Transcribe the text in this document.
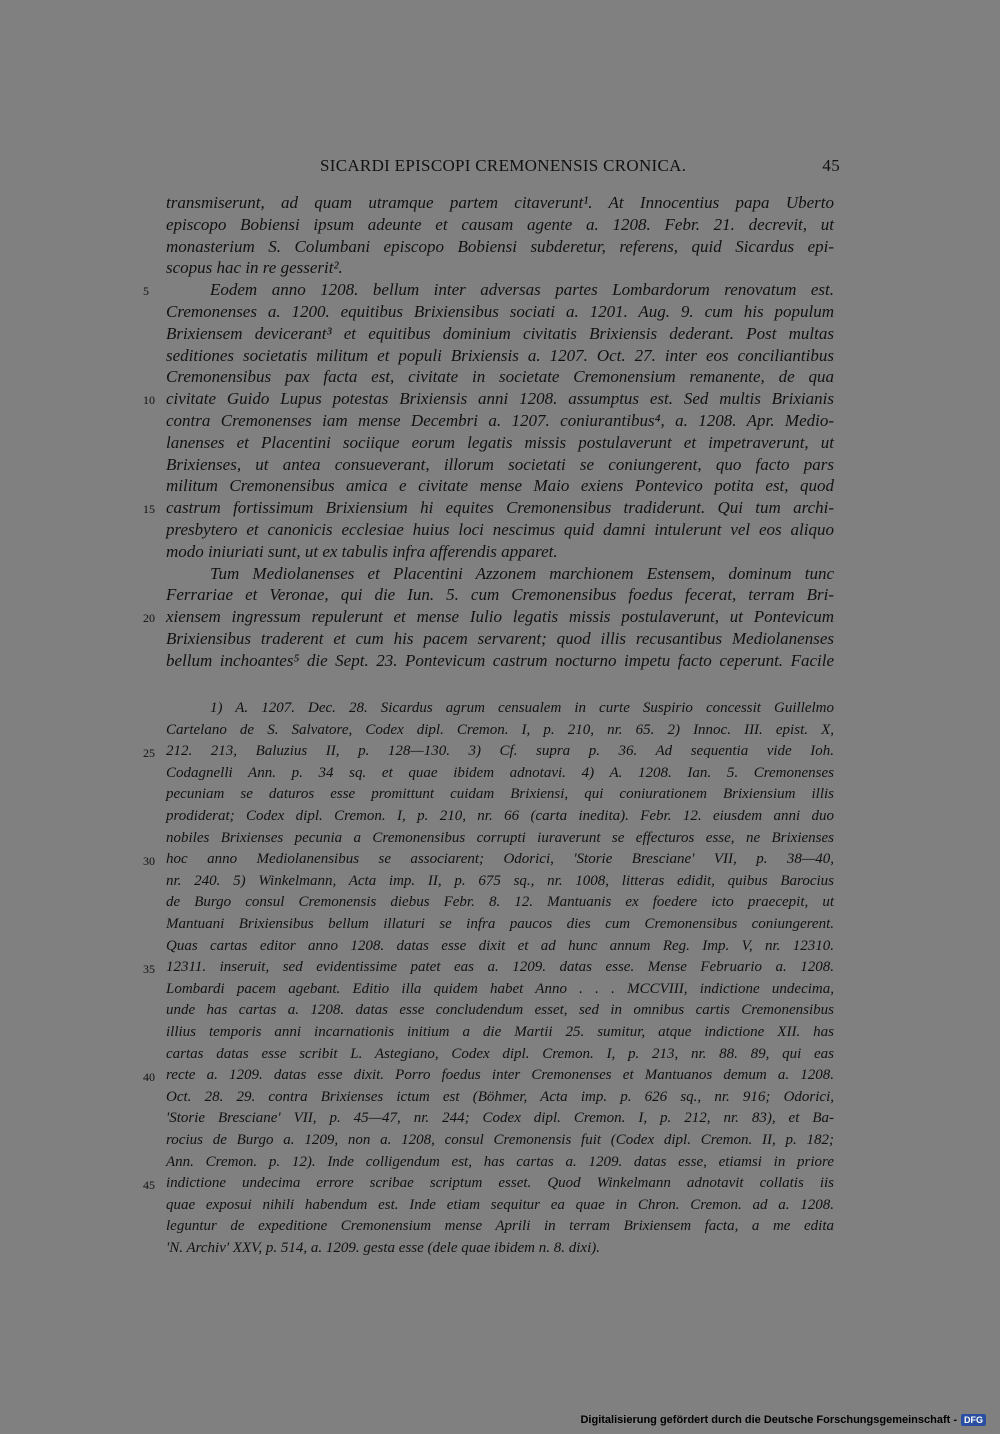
SICARDI EPISCOPI CREMONENSIS CRONICA.	45
transmiserunt, ad quam utramque partem citaverunt¹. At Innocentius papa Uberto
episcopo Bobiensi ipsum adeunte et causam agente a. 1208. Febr. 21. decrevit, ut
monasterium S. Columbani episcopo Bobiensi subderetur, referens, quid Sicardus epi-
scopus hac in re gesserit².
Eodem anno 1208. bellum inter adversas partes Lombardorum renovatum est.
Cremonenses a. 1200. equitibus Brixiensibus sociati a. 1201. Aug. 9. cum his populum
Brixiensem devicerant³ et equitibus dominium civitatis Brixiensis dederant. Post multas
seditiones societatis militum et populi Brixiensis a. 1207. Oct. 27. inter eos conciliantibus
Cremonensibus pax facta est, civitate in societate Cremonensium remanente, de qua
civitate Guido Lupus potestas Brixiensis anni 1208. assumptus est. Sed multis Brixianis
contra Cremonenses iam mense Decembri a. 1207. coniurantibus⁴, a. 1208. Apr. Medio-
lanenses et Placentini sociique eorum legatis missis postulaverunt et impetraverunt, ut
Brixienses, ut antea consueverant, illorum societati se coniungerent, quo facto pars
militum Cremonensibus amica e civitate mense Maio exiens Pontevico potita est, quod
castrum fortissimum Brixiensium hi equites Cremonensibus tradiderunt. Qui tum archi-
presbytero et canonicis ecclesiae huius loci nescimus quid damni intulerunt vel eos aliquo
modo iniuriati sunt, ut ex tabulis infra afferendis apparet.
Tum Mediolanenses et Placentini Azzonem marchionem Estensem, dominum tunc
Ferrariae et Veronae, qui die Iun. 5. cum Cremonensibus foedus fecerat, terram Bri-
xiensem ingressum repulerunt et mense Iulio legatis missis postulaverunt, ut Pontevicum
Brixiensibus traderent et cum his pacem servarent; quod illis recusantibus Mediolanenses
bellum inchoantes⁵ die Sept. 23. Pontevicum castrum nocturno impetu facto ceperunt. Facile
1) A. 1207. Dec. 28. Sicardus agrum censualem in curte Suspirio concessit Guillelmo
Cartelano de S. Salvatore, Codex dipl. Cremon. I, p. 210, nr. 65. 2) Innoc. III. epist. X,
212. 213, Baluzius II, p. 128—130. 3) Cf. supra p. 36. Ad sequentia vide Ioh.
Codagnelli Ann. p. 34 sq. et quae ibidem adnotavi. 4) A. 1208. Ian. 5. Cremonenses
pecuniam se daturos esse promittunt cuidam Brixiensi, qui coniurationem Brixiensium illis
prodiderat; Codex dipl. Cremon. I, p. 210, nr. 66 (carta inedita). Febr. 12. eiusdem anni duo
nobiles Brixienses pecunia a Cremonensibus corrupti iuraverunt se effecturos esse, ne Brixienses
hoc anno Mediolanensibus se associarent; Odorici, 'Storie Bresciane' VII, p. 38—40,
nr. 240. 5) Winkelmann, Acta imp. II, p. 675 sq., nr. 1008, litteras edidit, quibus Barocius
de Burgo consul Cremonensis diebus Febr. 8. 12. Mantuanis ex foedere icto praecepit, ut
Mantuani Brixiensibus bellum illaturi se infra paucos dies cum Cremonensibus coniungerent.
Quas cartas editor anno 1208. datas esse dixit et ad hunc annum Reg. Imp. V, nr. 12310.
12311. inseruit, sed evidentissime patet eas a. 1209. datas esse. Mense Februario a. 1208.
Lombardi pacem agebant. Editio illa quidem habet Anno . . . MCCVIII, indictione undecima,
unde has cartas a. 1208. datas esse concludendum esset, sed in omnibus cartis Cremonensibus
illius temporis anni incarnationis initium a die Martii 25. sumitur, atque indictione XII. has
cartas datas esse scribit L. Astegiano, Codex dipl. Cremon. I, p. 213, nr. 88. 89, qui eas
recte a. 1209. datas esse dixit. Porro foedus inter Cremonenses et Mantuanos demum a. 1208.
Oct. 28. 29. contra Brixienses ictum est (Böhmer, Acta imp. p. 626 sq., nr. 916; Odorici,
'Storie Bresciane' VII, p. 45—47, nr. 244; Codex dipl. Cremon. I, p. 212, nr. 83), et Ba-
rocius de Burgo a. 1209, non a. 1208, consul Cremonensis fuit (Codex dipl. Cremon. II, p. 182;
Ann. Cremon. p. 12). Inde colligendum est, has cartas a. 1209. datas esse, etiamsi in priore
indictione undecima errore scribae scriptum esset. Quod Winkelmann adnotavit collatis iis
quae exposui nihili habendum est. Inde etiam sequitur ea quae in Chron. Cremon. ad a. 1208.
leguntur de expeditione Cremonensium mense Aprili in terram Brixiensem facta, a me edita
'N. Archiv' XXV, p. 514, a. 1209. gesta esse (dele quae ibidem n. 8. dixi).
5
10
15
20
25
30
35
40
45
Digitalisierung gefördert durch die Deutsche Forschungsgemeinschaft - DFG
